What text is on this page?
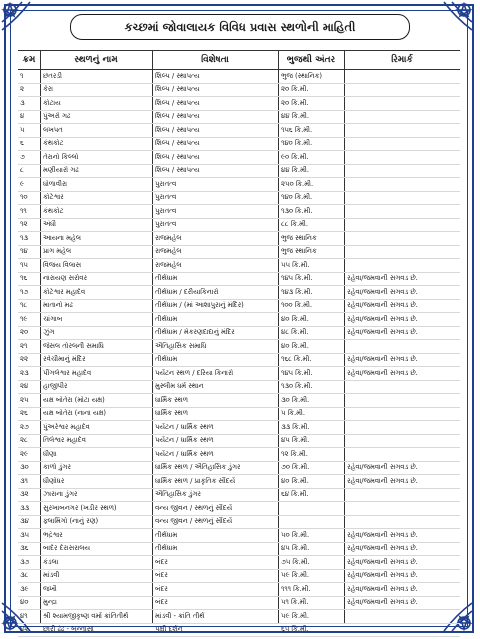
કચ્છમાં જોવાલાયક વિવિધ પ્રવાસ સ્થળોની માહિતી
ક્રમ	સ્થળનું નામ	વિશેષતા	ભુજથી અંતર	રિમાર્ક
૧	છતરડી	શિલ્પ / સ્થાપત્ય	ભુજ (સ્થાનિક)
૨	કેરા	શિલ્પ / સ્થાપત્ય	૨૦ કિ.મી.
૩	કોટાય	શિલ્પ / સ્થાપત્ય	૨૦ કિ.મી.
૪	પુંઅરો ગઢ	શિલ્પ / સ્થાપત્ય	૪૪ કિ.મી.
૫	લખપત	શિલ્પ / સ્થાપત્ય	૧૫૬ કિ.મી.
૬	કંથકોટ	શિલ્પ / સ્થાપત્ય	૧૪૦ કિ.મી.
૭	તેરાનો કિલ્લો	શિલ્પ / સ્થાપત્ય	૯૦ કિ.મી.
૮	મણીયારો ગઢ	શિલ્પ / સ્થાપત્ય	૪૪ કિ.મી.
૯	ધોળાવીરા	પુરાતત્વ	૨૫૦ કિ.મી.
૧૦	કોટેશ્વર	પુરાતત્વ	૧૪૦ કિ.મી.
૧૧	કંથકોટ	પુરાતત્વ	૧૩૦ કિ.મી.
૧૨	અંધૌ	પુરાતત્વ	૮૮ કિ.મી.
૧૩	આયના મહેલ	રાજમહેલ	ભુજ સ્થાનિક
૧૪	પ્રાગ મહેલ	રાજમહેલ	ભુજ સ્થાનિક
૧૫	વિજય વિલાસ	રાજમહેલ	૫૫ કિ.મી.
૧૬	નારાયણ સરોવર	તીર્થધામ	૧૪૫ કિ.મી.	રહેવા/જમવાની સગવડ છે.
૧૭	કોટેશ્વર મહાદેવ	તીર્થધામ / દરીયાકિનારો	૧૪૩ કિ.મી.	રહેવા/જમવાની સગવડ છે.
૧૮	માતાનો મઢ	તીર્થધામ / (માં આશાપુરાનું મંદિર)	૧૦૦ કિ.મી.	રહેવા/જમવાની સગવડ છે.
૧૯	ચાંગાબ	તીર્થધામ	૪૦ કિ.મી.	રહેવા/જમવાની સગવડ છે.
૨૦	ઝુંગ	તીર્થધામ / મેકરણદાદાનું મંદિર	૪૮ કિ.મી.	રહેવા/જમવાની સગવડ છે.
૨૧	જેસલ તોરલની સમાધિ	ઐતિહાસિક સમાધિ	૪૦ કિ.મી.
૨૨	રવેચીમાનું મંદિર	તીર્થધામ	૧૬૮ કિ.મી.	રહેવા/જમવાની સગવડ છે.
૨૩	પીંગલેશ્વર મહાદેવ	પર્યટન સ્થળ / દરિયા કિનારો	૧૪૫ કિ.મી.	રહેવા/જમવાની સગવડ છે.
૨૪	હાજીપીર	મુસ્લીમ ધર્મ સ્થાન	૧૩૦ કિ.મી.
૨૫	યક્ષ બોતેરા (મોટા યક્ષ)	ધાર્મિક સ્થળ	૩૦ કિ.મી.
૨૬	યક્ષ બોતેરા (નાના યક્ષ)	ધાર્મિક સ્થળ	૫ કિ.મી.
૨૭	પુંઅરેશ્વર મહાદેવ	પર્યટન / ધાર્મિક સ્થળ	૩૩ કિ.મી.
૨૮	તિલેશ્વર મહાદેવ	પર્યટન / ધાર્મિક સ્થળ	૪૫ કિ.મી.
૨૯	ધીણા	પર્યટન / ધાર્મિક સ્થળ	૧૨ કિ.મી.
૩૦	કાળો ડુંગર	ધાર્મિક સ્થળ / ઐતિહાસિક ડુંગર	૭૦ કિ.મી.	રહેવા/જમવાની સગવડ છે.
૩૧	ધીણોધર	ધાર્મિક સ્થળ / પ્રાકૃતિક સૌંદર્ય	૪૦ કિ.મી.	રહેવા/જમવાની સગવડ છે.
૩૨	ઝારાના ડુંગર	ઐતિહાસિક ડુંગર	૬૪ કિ.મી.
૩૩	સુરખાબનગર (ખડીર સ્થળ)	વન્ય જીવન / સ્થળનું સૌંદર્ય
૩૪	ફ્લામિંગો (નાનું રણ)	વન્ય જીવન / સ્થળનું સૌંદર્ય
૩૫	ભદ્રેશ્વર	તીર્થધામ	૫૦ કિ.મી.	રહેવા/જમવાની સગવડ છે.
૩૬	બાદેર દેરાસરાલય	તીર્થધામ	૪૫ કિ.મી.	રહેવા/જમવાની સગવડ છે.
૩૭	કંડલા	બંદર	૭૫ કિ.મી.	રહેવા/જમવાની સગવડ છે.
૩૮	માંડવી	બંદર	૫૯ કિ.મી.	રહેવા/જમવાની સગવડ છે.
૩૯	જખૌ	બંદર	૧૧૧ કિ.મી.	રહેવા/જમવાની સગવડ છે.
૪૦	મુન્દ્રા	બંદર	૫૧ કિ.મી.	રહેવા/જમવાની સગવડ છે.
૪૧	શ્રી શ્યામજીકૃષ્ણ વર્મા ક્રાંતિતીર્થ	માંડવી - ક્રાંતિ તીર્થ	૫૯ કિ.મી.
૪૨	છારી ઢંઢ - બન્નાસા	પક્ષી દર્શન	૬૫ કિ.મી.
